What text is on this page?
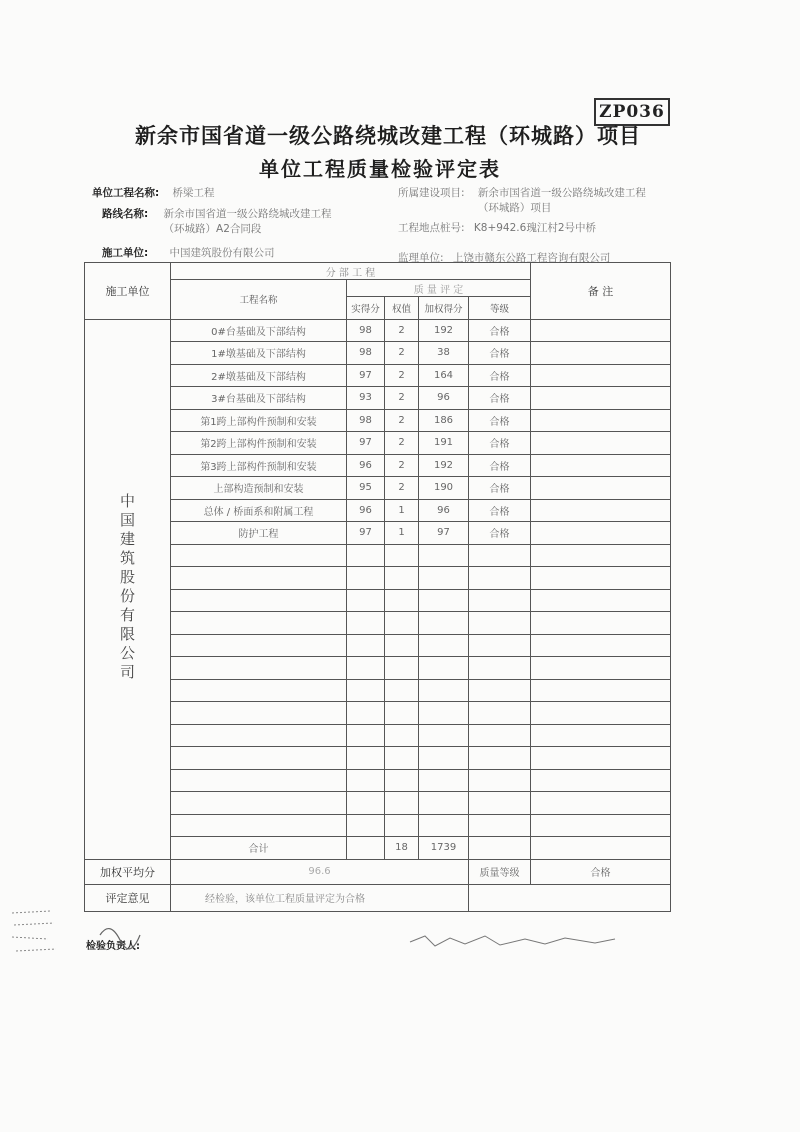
ZP036
新余市国省道一级公路绕城改建工程（环城路）项目
单位工程质量检验评定表
单位工程名称: 桥梁工程
路线名称: 新余市国省道一级公路绕城改建工程
（环城路）A2合同段
施工单位: 中国建筑股份有限公司
所属建设项目: 新余市国省道一级公路绕城改建工程
（环城路）项目
工程地点桩号: K8+942.6瑰江村2号中桥
监理单位: 上饶市赣东公路工程咨询有限公司
施工单位	分 部 工 程					备 注
	工程名称	质 量 评 定				
		实得分	权值	加权得分	等级	
中国建筑股份有限公司	0#台基础及下部结构	98	2	192	合格	
	1#墩基础及下部结构	98	2	38	合格	
	2#墩基础及下部结构	97	2	164	合格	
	3#台基础及下部结构	93	2	96	合格	
	第1跨上部构件预制和安装	98	2	186	合格	
	第2跨上部构件预制和安装	97	2	191	合格	
	第3跨上部构件预制和安装	96	2	192	合格	
	上部构造预制和安装	95	2	190	合格	
	总体 / 桥面系和附属工程	96	1	96	合格	
	防护工程	97	1	97	合格	

	合计		18	1739		
加权平均分	96.6				质量等级	合格
评定意见	经检验，该单位工程质量评定为合格					
检验负责人:
